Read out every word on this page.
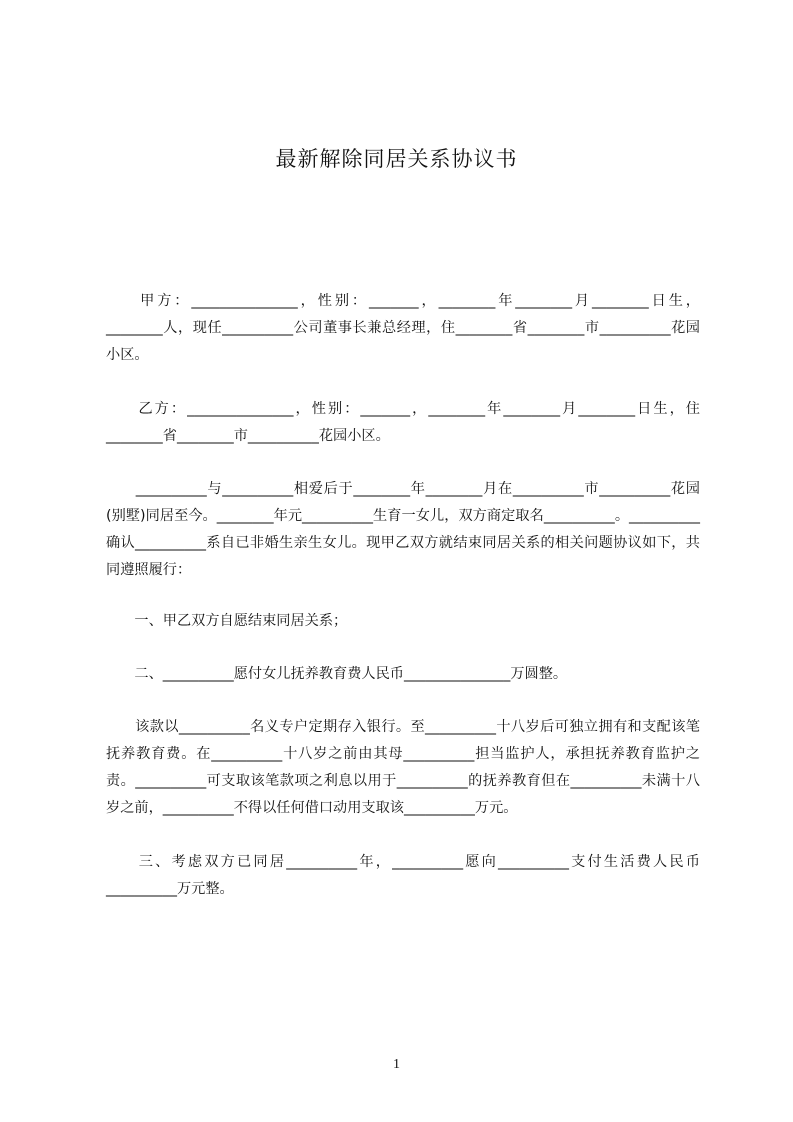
最新解除同居关系协议书

　　甲方：_______________，性别：_______，________年________月________日生，________人，现任__________公司董事长兼总经理，住________省________市__________花园小区。

　　乙方：_______________，性别：_______，________年________月________日生，住________省________市__________花园小区。

　　__________与__________相爱后于________年________月在__________市__________花园(别墅)同居至今。________年元__________生育一女儿，双方商定取名__________。__________确认__________系自已非婚生亲生女儿。现甲乙双方就结束同居关系的相关问题协议如下，共同遵照履行：

　　一、甲乙双方自愿结束同居关系；

　　二、__________愿付女儿抚养教育费人民币_______________万圆整。

　　该款以__________名义专户定期存入银行。至__________十八岁后可独立拥有和支配该笔抚养教育费。在__________十八岁之前由其母__________担当监护人，承担抚养教育监护之责。__________可支取该笔款项之利息以用于__________的抚养教育但在__________未满十八岁之前，__________不得以任何借口动用支取该__________万元。

　　三、考虑双方已同居__________年，__________愿向__________支付生活费人民币__________万元整。

1
